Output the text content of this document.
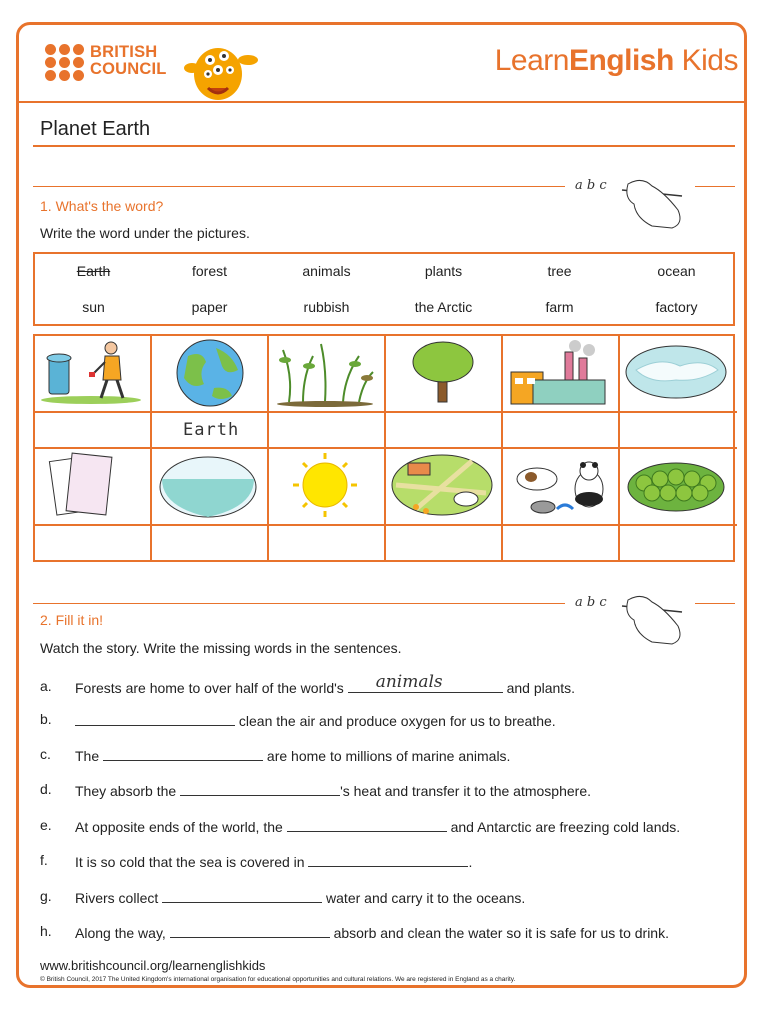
BRITISH
COUNCIL	LearnEnglish Kids
Planet Earth
a b c
1. What's the word?
Write the word under the pictures.
Earth	forest	animals	plants	tree	ocean
sun	paper	rubbish	the Arctic	farm	factory
Earth
a b c
2. Fill it in!
Watch the story. Write the missing words in the sentences.
a. Forests are home to over half of the world's animals	and plants.
b.	clean the air and produce oxygen for us to breathe.
c. The	are home to millions of marine animals.
d. They absorb the	's heat and transfer it to the atmosphere.
e. At opposite ends of the world, the	and Antarctic are freezing cold lands.
f. It is so cold that the sea is covered in	.
g. Rivers collect	water and carry it to the oceans.
h. Along the way,	absorb and clean the water so it is safe for us to drink.
www.britishcouncil.org/learnenglishkids
© British Council, 2017 The United Kingdom's international organisation for educational opportunities and cultural relations. We are registered in England as a charity.
